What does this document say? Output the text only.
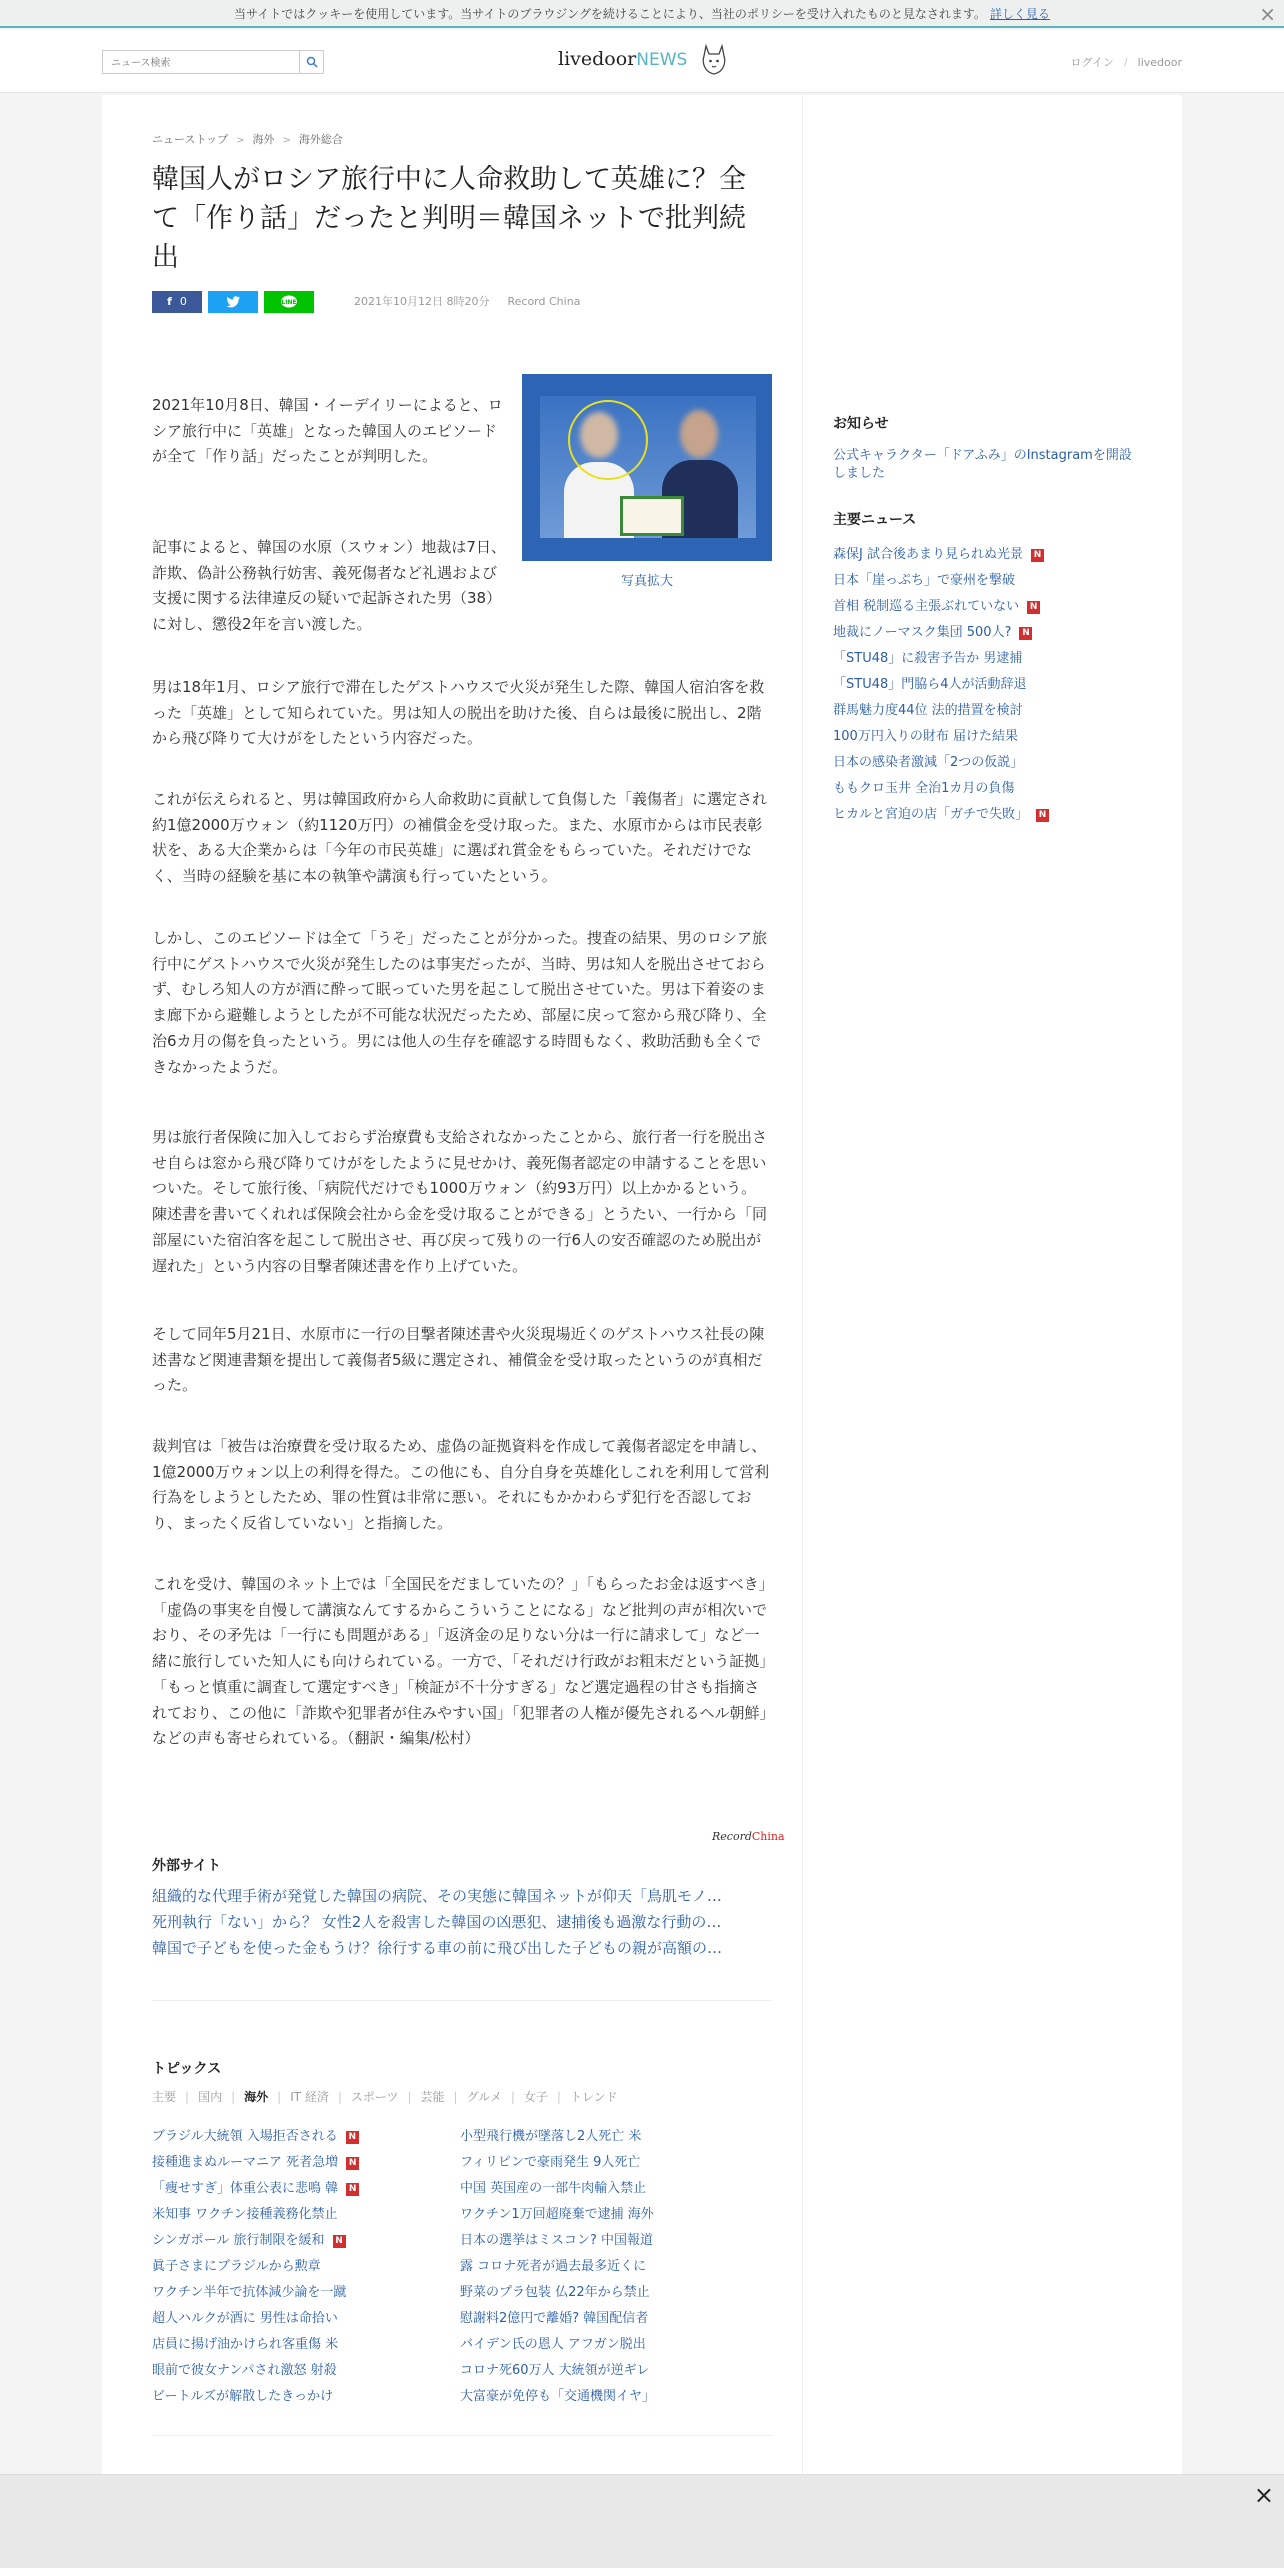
当サイトではクッキーを使用しています。当サイトのブラウジングを続けることにより、当社のポリシーを受け入れたものと見なされます。 詳しく見る	×
ニュース検索
livedoorNEWS	ログイン / livedoor
ニューストップ > 海外 > 海外総合
韓国人がロシア旅行中に人命救助して英雄に？全て「作り話」だったと判明＝韓国ネットで批判続出
f 0	LINE	2021年10月12日 8時20分 Record China
写真拡大

2021年10月8日、韓国・イーデイリーによると、ロシア旅行中に「英雄」となった韓国人のエピソードが全て「作り話」だったことが判明した。

記事によると、韓国の水原（スウォン）地裁は7日、詐欺、偽計公務執行妨害、義死傷者など礼遇および支援に関する法律違反の疑いで起訴された男（38）に対し、懲役2年を言い渡した。

男は18年1月、ロシア旅行で滞在したゲストハウスで火災が発生した際、韓国人宿泊客を救った「英雄」として知られていた。男は知人の脱出を助けた後、自らは最後に脱出し、2階から飛び降りて大けがをしたという内容だった。

これが伝えられると、男は韓国政府から人命救助に貢献して負傷した「義傷者」に選定され約1億2000万ウォン（約1120万円）の補償金を受け取った。また、水原市からは市民表彰状を、ある大企業からは「今年の市民英雄」に選ばれ賞金をもらっていた。それだけでなく、当時の経験を基に本の執筆や講演も行っていたという。

しかし、このエピソードは全て「うそ」だったことが分かった。捜査の結果、男のロシア旅行中にゲストハウスで火災が発生したのは事実だったが、当時、男は知人を脱出させておらず、むしろ知人の方が酒に酔って眠っていた男を起こして脱出させていた。男は下着姿のまま廊下から避難しようとしたが不可能な状況だったため、部屋に戻って窓から飛び降り、全治6カ月の傷を負ったという。男には他人の生存を確認する時間もなく、救助活動も全くできなかったようだ。

男は旅行者保険に加入しておらず治療費も支給されなかったことから、旅行者一行を脱出させ自らは窓から飛び降りてけがをしたように見せかけ、義死傷者認定の申請することを思いついた。そして旅行後、「病院代だけでも1000万ウォン（約93万円）以上かかるという。 陳述書を書いてくれれば保険会社から金を受け取ることができる」とうたい、一行から「同部屋にいた宿泊客を起こして脱出させ、再び戻って残りの一行6人の安否確認のため脱出が遅れた」という内容の目撃者陳述書を作り上げていた。

そして同年5月21日、水原市に一行の目撃者陳述書や火災現場近くのゲストハウス社長の陳述書など関連書類を提出して義傷者5級に選定され、補償金を受け取ったというのが真相だった。

裁判官は「被告は治療費を受け取るため、虚偽の証拠資料を作成して義傷者認定を申請し、1億2000万ウォン以上の利得を得た。この他にも、自分自身を英雄化しこれを利用して営利行為をしようとしたため、罪の性質は非常に悪い。それにもかかわらず犯行を否認しており、まったく反省していない」と指摘した。

これを受け、韓国のネット上では「全国民をだましていたの？」「もらったお金は返すべき」「虚偽の事実を自慢して講演なんてするからこういうことになる」など批判の声が相次いでおり、その矛先は「一行にも問題がある」「返済金の足りない分は一行に請求して」など一緒に旅行していた知人にも向けられている。一方で、「それだけ行政がお粗末だという証拠」「もっと慎重に調査して選定すべき」「検証が不十分すぎる」など選定過程の甘さも指摘されており、この他に「詐欺や犯罪者が住みやすい国」「犯罪者の人権が優先されるヘル朝鮮」などの声も寄せられている。（翻訳・編集/松村）

RecordChina
外部サイト
組織的な代理手術が発覚した韓国の病院、その実態に韓国ネットが仰天「鳥肌モノ…
死刑執行「ない」から？ 女性2人を殺害した韓国の凶悪犯、逮捕後も過激な行動の…
韓国で子どもを使った金もうけ？徐行する車の前に飛び出した子どもの親が高額の…
トピックス
主要 | 国内 | 海外 | IT 経済 | スポーツ | 芸能 | グルメ | 女子 | トレンド
ブラジル大統領 入場拒否される N
接種進まぬルーマニア 死者急増 N
「痩せすぎ」体重公表に悲鳴 韓 N
米知事 ワクチン接種義務化禁止
シンガポール 旅行制限を緩和 N
眞子さまにブラジルから勲章
ワクチン半年で抗体減少論を一蹴
超人ハルクが酒に 男性は命拾い
店員に揚げ油かけられ客重傷 米
眼前で彼女ナンパされ激怒 射殺
ビートルズが解散したきっかけ
小型飛行機が墜落し2人死亡 米
フィリピンで豪雨発生 9人死亡
中国 英国産の一部牛肉輸入禁止
ワクチン1万回超廃棄で逮捕 海外
日本の選挙はミスコン? 中国報道
露 コロナ死者が過去最多近くに
野菜のプラ包装 仏22年から禁止
慰謝料2億円で離婚? 韓国配信者
バイデン氏の恩人 アフガン脱出
コロナ死60万人 大統領が逆ギレ
大富豪が免停も「交通機関イヤ」
お知らせ
公式キャラクター「ドアふみ」のInstagramを開設しました
主要ニュース
森保J 試合後あまり見られぬ光景 N
日本「崖っぷち」で豪州を撃破
首相 税制巡る主張ぶれていない N
地裁にノーマスク集団 500人? N
「STU48」に殺害予告か 男逮捕
「STU48」門脇ら4人が活動辞退
群馬魅力度44位 法的措置を検討
100万円入りの財布 届けた結果
日本の感染者激減「2つの仮説」
ももクロ玉井 全治1カ月の負傷
ヒカルと宮迫の店「ガチで失敗」 N
×
